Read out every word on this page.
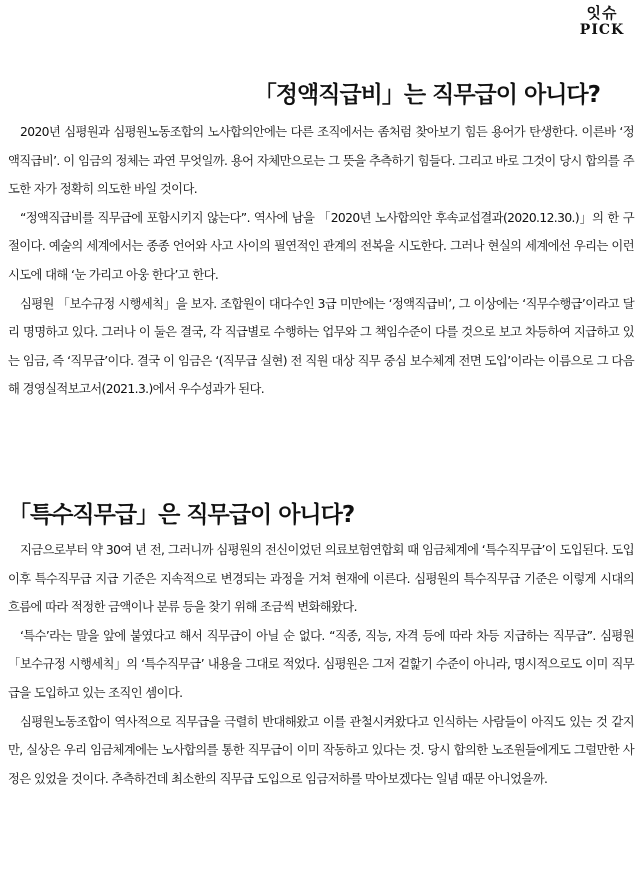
잇슈
PICK
「정액직급비」는 직무급이 아니다?

2020년 심평원과 심평원노동조합의 노사합의안에는 다른 조직에서는 좀처럼 찾아보기 힘든 용어가 탄생한다. 이른바 ‘정액직급비’. 이 임금의 정체는 과연 무엇일까. 용어 자체만으로는 그 뜻을 추측하기 힘들다. 그리고 바로 그것이 당시 합의를 주도한 자가 정확히 의도한 바일 것이다.

“정액직급비를 직무급에 포함시키지 않는다”. 역사에 남을 「2020년 노사합의안 후속교섭결과(2020.12.30.)」의 한 구절이다. 예술의 세계에서는 종종 언어와 사고 사이의 필연적인 관계의 전복을 시도한다. 그러나 현실의 세계에선 우리는 이런 시도에 대해 ‘눈 가리고 아웅 한다’고 한다.

심평원 「보수규정 시행세칙」을 보자. 조합원이 대다수인 3급 미만에는 ‘정액직급비’, 그 이상에는 ‘직무수행급’이라고 달리 명명하고 있다. 그러나 이 둘은 결국, 각 직급별로 수행하는 업무와 그 책임수준이 다를 것으로 보고 차등하여 지급하고 있는 임금, 즉 ‘직무급’이다. 결국 이 임금은 ‘(직무급 실현) 전 직원 대상 직무 중심 보수체계 전면 도입’이라는 이름으로 그 다음해 경영실적보고서(2021.3.)에서 우수성과가 된다.

「특수직무급」은 직무급이 아니다?

지금으로부터 약 30여 년 전, 그러니까 심평원의 전신이었던 의료보험연합회 때 임금체계에 ‘특수직무급’이 도입된다. 도입 이후 특수직무급 지급 기준은 지속적으로 변경되는 과정을 거쳐 현재에 이른다. 심평원의 특수직무급 기준은 이렇게 시대의 흐름에 따라 적정한 금액이나 분류 등을 찾기 위해 조금씩 변화해왔다.

‘특수’라는 말을 앞에 붙였다고 해서 직무급이 아닐 순 없다. “직종, 직능, 자격 등에 따라 차등 지급하는 직무급”. 심평원 「보수규정 시행세칙」의 ‘특수직무급’ 내용을 그대로 적었다. 심평원은 그저 겉핥기 수준이 아니라, 명시적으로도 이미 직무급을 도입하고 있는 조직인 셈이다.

심평원노동조합이 역사적으로 직무급을 극렬히 반대해왔고 이를 관철시켜왔다고 인식하는 사람들이 아직도 있는 것 같지만, 실상은 우리 임금체계에는 노사합의를 통한 직무급이 이미 작동하고 있다는 것. 당시 합의한 노조원들에게도 그럴만한 사정은 있었을 것이다. 추측하건데 최소한의 직무급 도입으로 임금저하를 막아보겠다는 일념 때문 아니었을까.
